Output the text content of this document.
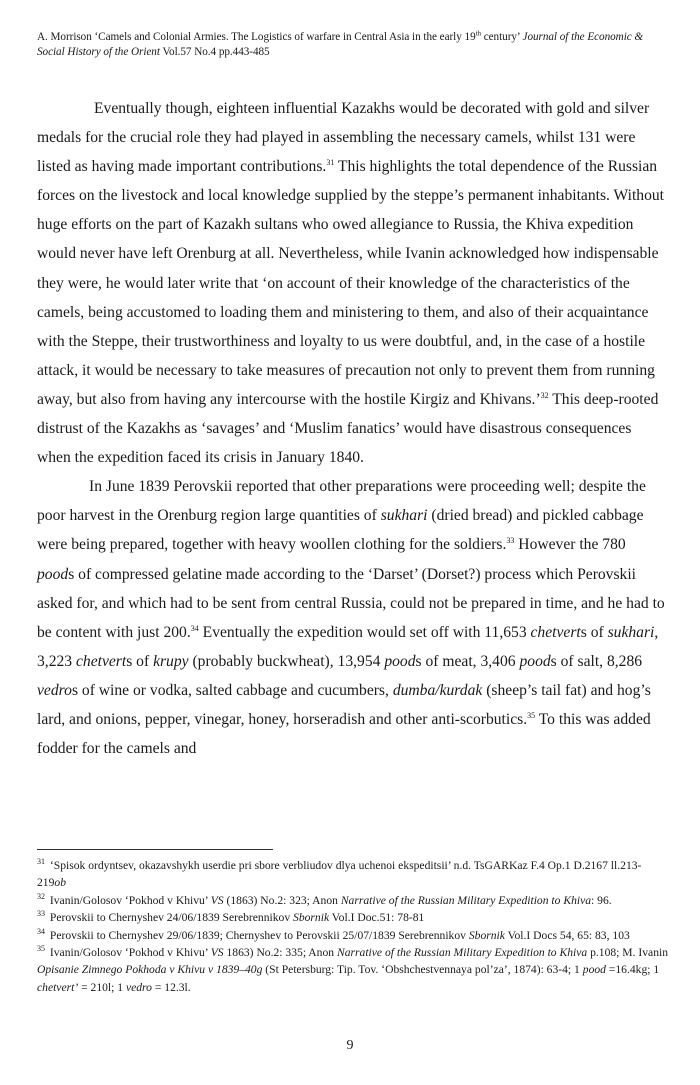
A. Morrison ‘Camels and Colonial Armies. The Logistics of warfare in Central Asia in the early 19th century’ Journal of the Economic & Social History of the Orient Vol.57 No.4 pp.443-485

Eventually though, eighteen influential Kazakhs would be decorated with gold and silver medals for the crucial role they had played in assembling the necessary camels, whilst 131 were listed as having made important contributions.$^{31}$ This highlights the total dependence of the Russian forces on the livestock and local knowledge supplied by the steppe’s permanent inhabitants. Without huge efforts on the part of Kazakh sultans who owed allegiance to Russia, the Khiva expedition would never have left Orenburg at all. Nevertheless, while Ivanin acknowledged how indispensable they were, he would later write that ‘on account of their knowledge of the characteristics of the camels, being accustomed to loading them and ministering to them, and also of their acquaintance with the Steppe, their trustworthiness and loyalty to us were doubtful, and, in the case of a hostile attack, it would be necessary to take measures of precaution not only to prevent them from running away, but also from having any intercourse with the hostile Kirgiz and Khivans.’$^{32}$ This deep-rooted distrust of the Kazakhs as ‘savages’ and ‘Muslim fanatics’ would have disastrous consequences when the expedition faced its crisis in January 1840.

In June 1839 Perovskii reported that other preparations were proceeding well; despite the poor harvest in the Orenburg region large quantities of sukhari (dried bread) and pickled cabbage were being prepared, together with heavy woollen clothing for the soldiers.$^{33}$ However the 780 poods of compressed gelatine made according to the ‘Darset’ (Dorset?) process which Perovskii asked for, and which had to be sent from central Russia, could not be prepared in time, and he had to be content with just 200.34 Eventually the expedition would set off with 11,653 chetverts of sukhari, 3,223 chetverts of krupy (probably buckwheat), 13,954 poods of meat, 3,406 poods of salt, 8,286 vedros of wine or vodka, salted cabbage and cucumbers, dumba/kurdak (sheep’s tail fat) and hog’s lard, and onions, pepper, vinegar, honey, horseradish and other anti-scorbutics.$^{35}$ To this was added fodder for the camels and

$^{31}$ ‘Spisok ordyntsev, okazavshykh userdie pri sbore verbliudov dlya uchenoi ekspeditsii’ n.d. TsGARKaz F.4 Op.1 D.2167 ll.213-219ob

$^{32}$ Ivanin/Golosov ‘Pokhod v Khivu’ VS (1863) No.2: 323; Anon Narrative of the Russian Military Expedition to Khiva: 96.

$^{33}$ Perovskii to Chernyshev 24/06/1839 Serebrennikov Sbornik Vol.I Doc.51: 78-81

$^{34}$ Perovskii to Chernyshev 29/06/1839; Chernyshev to Perovskii 25/07/1839 Serebrennikov Sbornik Vol.I Docs 54, 65: 83, 103

$^{35}$ Ivanin/Golosov ‘Pokhod v Khivu’ VS 1863) No.2: 335; Anon Narrative of the Russian Military Expedition to Khiva p.108; M. Ivanin Opisanie Zimnego Pokhoda v Khivu v 1839–40g (St Petersburg: Tip. Tov. ‘Obshchestvennaya pol’za’, 1874): 63-4; 1 pood =16.4kg; 1 chetvert’ = 210l; 1 vedro = 12.3l.

9
